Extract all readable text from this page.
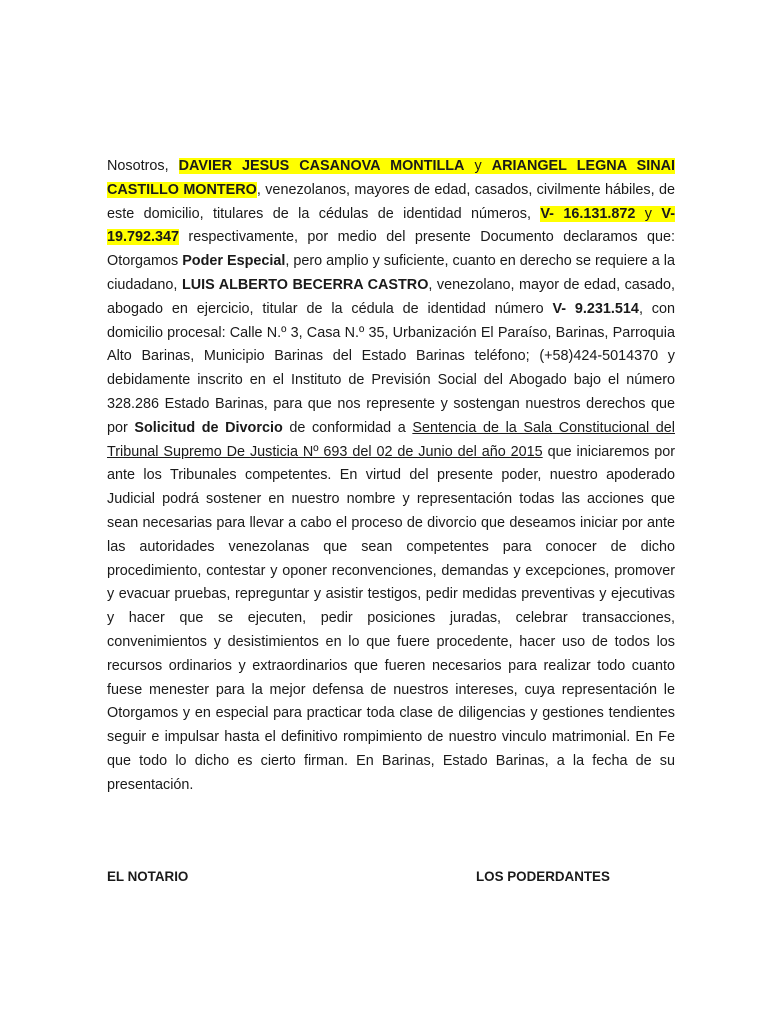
Nosotros, DAVIER JESUS CASANOVA MONTILLA y ARIANGEL LEGNA SINAI CASTILLO MONTERO, venezolanos, mayores de edad, casados, civilmente hábiles, de este domicilio, titulares de la cédulas de identidad números, V- 16.131.872 y V- 19.792.347 respectivamente, por medio del presente Documento declaramos que: Otorgamos Poder Especial, pero amplio y suficiente, cuanto en derecho se requiere a la ciudadano, LUIS ALBERTO BECERRA CASTRO, venezolano, mayor de edad, casado, abogado en ejercicio, titular de la cédula de identidad número V- 9.231.514, con domicilio procesal: Calle N.º 3, Casa N.º 35, Urbanización El Paraíso, Barinas, Parroquia Alto Barinas, Municipio Barinas del Estado Barinas teléfono; (+58)424-5014370 y debidamente inscrito en el Instituto de Previsión Social del Abogado bajo el número 328.286 Estado Barinas, para que nos represente y sostengan nuestros derechos que por Solicitud de Divorcio de conformidad a Sentencia de la Sala Constitucional del Tribunal Supremo De Justicia Nº 693 del 02 de Junio del año 2015 que iniciaremos por ante los Tribunales competentes. En virtud del presente poder, nuestro apoderado Judicial podrá sostener en nuestro nombre y representación todas las acciones que sean necesarias para llevar a cabo el proceso de divorcio que deseamos iniciar por ante las autoridades venezolanas que sean competentes para conocer de dicho procedimiento, contestar y oponer reconvenciones, demandas y excepciones, promover y evacuar pruebas, repreguntar y asistir testigos, pedir medidas preventivas y ejecutivas y hacer que se ejecuten, pedir posiciones juradas, celebrar transacciones, convenimientos y desistimientos en lo que fuere procedente, hacer uso de todos los recursos ordinarios y extraordinarios que fueren necesarios para realizar todo cuanto fuese menester para la mejor defensa de nuestros intereses, cuya representación le Otorgamos y en especial para practicar toda clase de diligencias y gestiones tendientes seguir e impulsar hasta el definitivo rompimiento de nuestro vinculo matrimonial. En Fe que todo lo dicho es cierto firman. En Barinas, Estado Barinas, a la fecha de su presentación.

EL NOTARIO	LOS PODERDANTES
